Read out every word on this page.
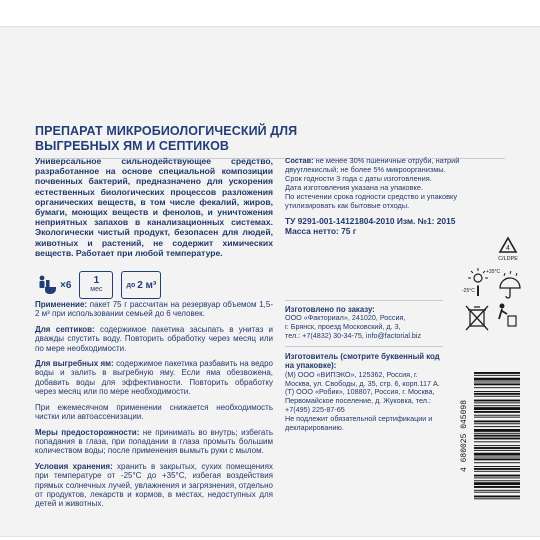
ПРЕПАРАТ МИКРОБИОЛОГИЧЕСКИЙ ДЛЯ ВЫГРЕБНЫХ ЯМ И СЕПТИКОВ

Универсальное сильнодействующее средство, разработанное на основе специальной композиции почвенных бактерий, предназначено для ускорения естественных биологических процессов разложения органических веществ, в том числе фекалий, жиров, бумаги, моющих веществ и фенолов, и уничтожения неприятных запахов в канализационных системах. Экологически чистый продукт, безопасен для людей, животных и растений, не содержит химических веществ. Работает при любой температуре.

Применение: пакет 75 г рассчитан на резервуар объемом 1,5-2 м³ при использовании семьей до 6 человек.

Для септиков: содержимое пакетика засыпать в унитаз и дважды спустить воду. Повторить обработку через месяц или по мере необходимости.

Для выгребных ям: содержимое пакетика разбавить на ведро воды и залить в выгребную яму. Если яма обезвожена, добавить воды для эффективности. Повторить обработку через месяц или по мере необходимости.

При ежемесячном применении снижается необходимость чистки или автоассенизации.

Меры предосторожности: не принимать во внутрь; избегать попадания в глаза, при попадании в глаза промыть большим количеством воды; после применения вымыть руки с мылом.

Условия хранения: хранить в закрытых, сухих помещениях при температуре от -25°С до +35°С, избегая воздействия прямых солнечных лучей, увлажнения и загрязнения, отдельно от продуктов, лекарств и кормов, в местах, недоступных для детей и животных.

×6 1
мес
до
2 м³

Состав: не менее 30% пшеничные отруби, натрий двууглекислый; не более 5% микроорганизмы.

Срок годности 3 года с даты изготовления.

Дата изготовления указана на упаковке.

По истечении срока годности средство и упаковку утилизировать как бытовые отходы.

ТУ 9291-001-14121804-2010 Изм. №1: 2015

Масса нетто: 75 г

Изготовлено по заказу:

ООО «Факториал», 241020, Россия,

г. Брянск, проезд Московский, д. 3,

тел.: +7(4832) 30-34-75, info@factorial.biz

Изготовитель (смотрите буквенный код на упаковке):

(М) ООО «ВИПЭКО», 125362, Россия, г. Москва, ул. Свободы, д. 35, стр. 6, корп.117 А.

(Т) ООО «Робик», 108807, Россия, г. Москва, Первомайское поселение, д. Жуковка, тел.: +7(495) 225-87-65

Не подлежит обязательной сертификации и декларированию.

4
C/LDPE
+35°C
-25°C
4 680025 045098
